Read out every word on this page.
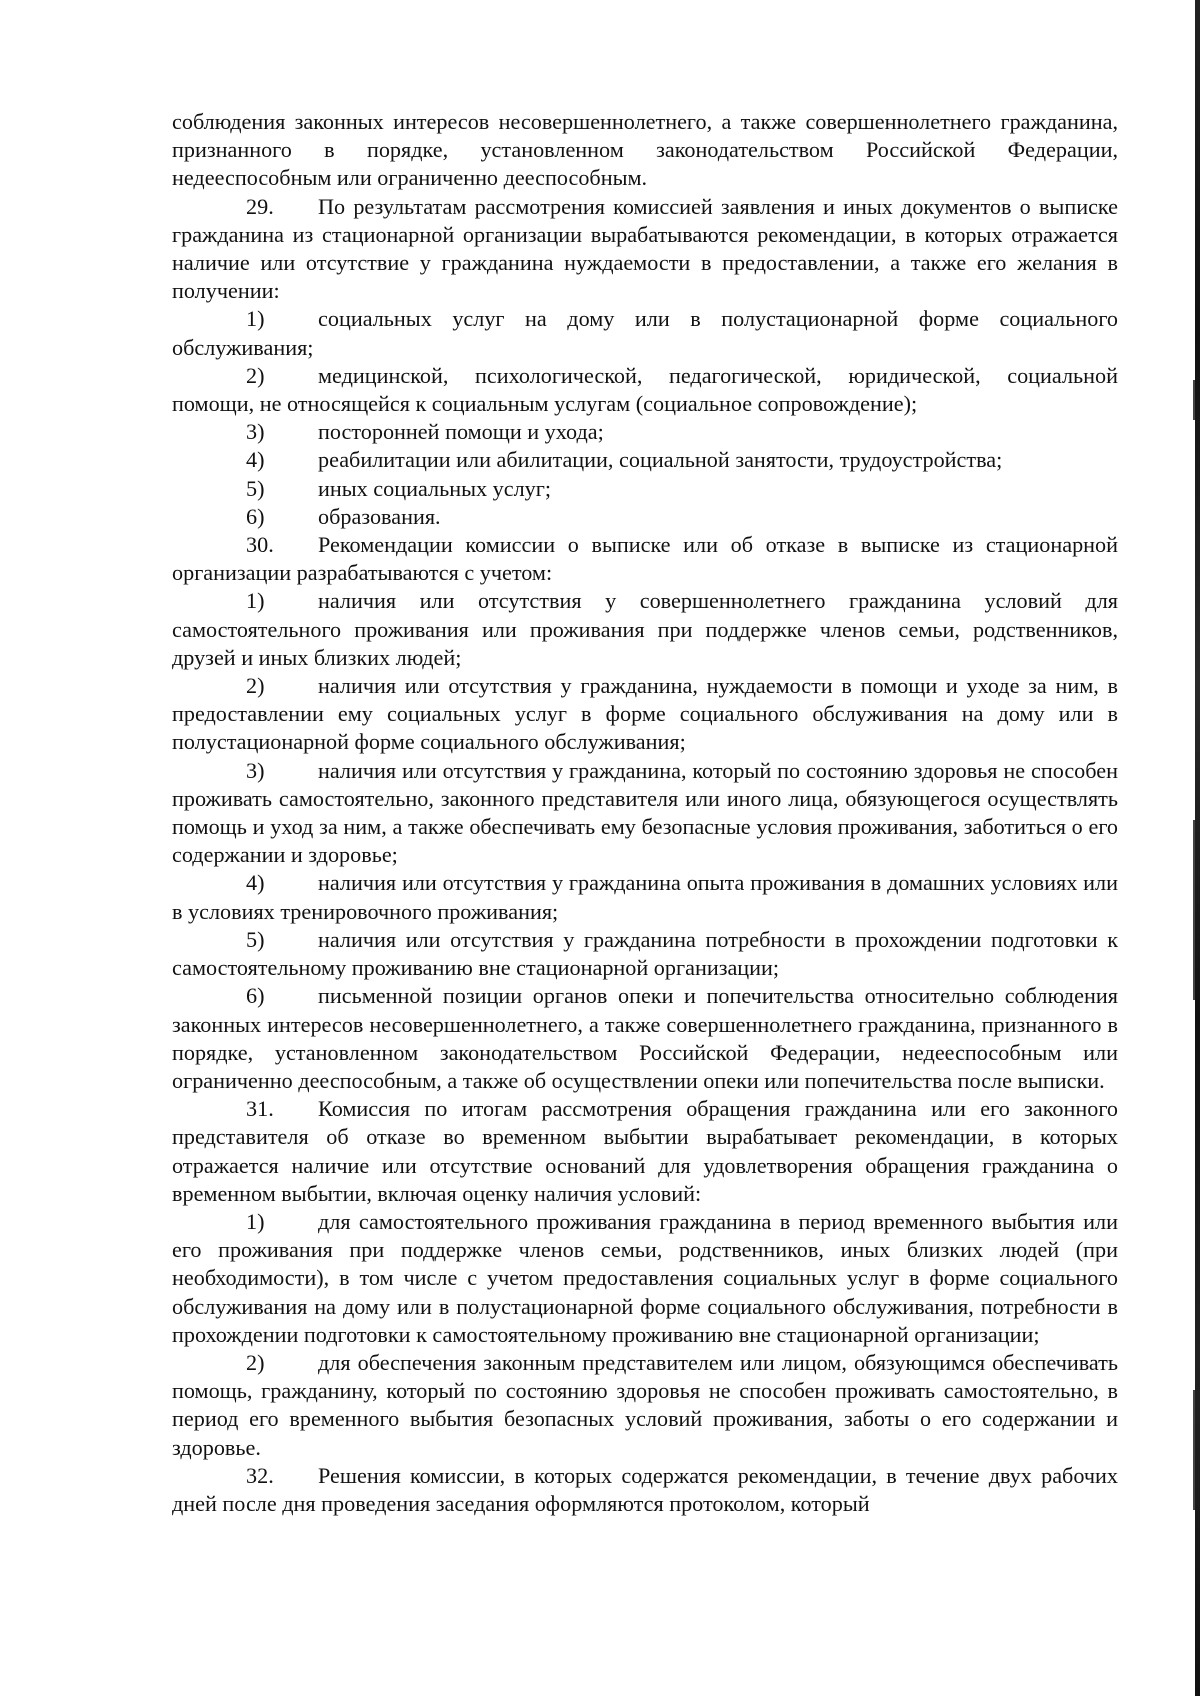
соблюдения законных интересов несовершеннолетнего, а также совершеннолетнего гражданина, признанного в порядке, установленном законодательством Российской Федерации, недееспособным или ограниченно дееспособным.

29. По результатам рассмотрения комиссией заявления и иных документов о выписке гражданина из стационарной организации вырабатываются рекомендации, в которых отражается наличие или отсутствие у гражданина нуждаемости в предоставлении, а также его желания в получении:

1) социальных услуг на дому или в полустационарной форме социального обслуживания;

2) медицинской, психологической, педагогической, юридической, социальной помощи, не относящейся к социальным услугам (социальное сопровождение);

3) посторонней помощи и ухода;

4) реабилитации или абилитации, социальной занятости, трудоустройства;

5) иных социальных услуг;

6) образования.

30. Рекомендации комиссии о выписке или об отказе в выписке из стационарной организации разрабатываются с учетом:

1) наличия или отсутствия у совершеннолетнего гражданина условий для самостоятельного проживания или проживания при поддержке членов семьи, родственников, друзей и иных близких людей;

2) наличия или отсутствия у гражданина, нуждаемости в помощи и уходе за ним, в предоставлении ему социальных услуг в форме социального обслуживания на дому или в полустационарной форме социального обслуживания;

3) наличия или отсутствия у гражданина, который по состоянию здоровья не способен проживать самостоятельно, законного представителя или иного лица, обязующегося осуществлять помощь и уход за ним, а также обеспечивать ему безопасные условия проживания, заботиться о его содержании и здоровье;

4) наличия или отсутствия у гражданина опыта проживания в домашних условиях или в условиях тренировочного проживания;

5) наличия или отсутствия у гражданина потребности в прохождении подготовки к самостоятельному проживанию вне стационарной организации;

6) письменной позиции органов опеки и попечительства относительно соблюдения законных интересов несовершеннолетнего, а также совершеннолетнего гражданина, признанного в порядке, установленном законодательством Российской Федерации, недееспособным или ограниченно дееспособным, а также об осуществлении опеки или попечительства после выписки.

31. Комиссия по итогам рассмотрения обращения гражданина или его законного представителя об отказе во временном выбытии вырабатывает рекомендации, в которых отражается наличие или отсутствие оснований для удовлетворения обращения гражданина о временном выбытии, включая оценку наличия условий:

1) для самостоятельного проживания гражданина в период временного выбытия или его проживания при поддержке членов семьи, родственников, иных близких людей (при необходимости), в том числе с учетом предоставления социальных услуг в форме социального обслуживания на дому или в полустационарной форме социального обслуживания, потребности в прохождении подготовки к самостоятельному проживанию вне стационарной организации;

2) для обеспечения законным представителем или лицом, обязующимся обеспечивать помощь, гражданину, который по состоянию здоровья не способен проживать самостоятельно, в период его временного выбытия безопасных условий проживания, заботы о его содержании и здоровье.

32. Решения комиссии, в которых содержатся рекомендации, в течение двух рабочих дней после дня проведения заседания оформляются протоколом, который
